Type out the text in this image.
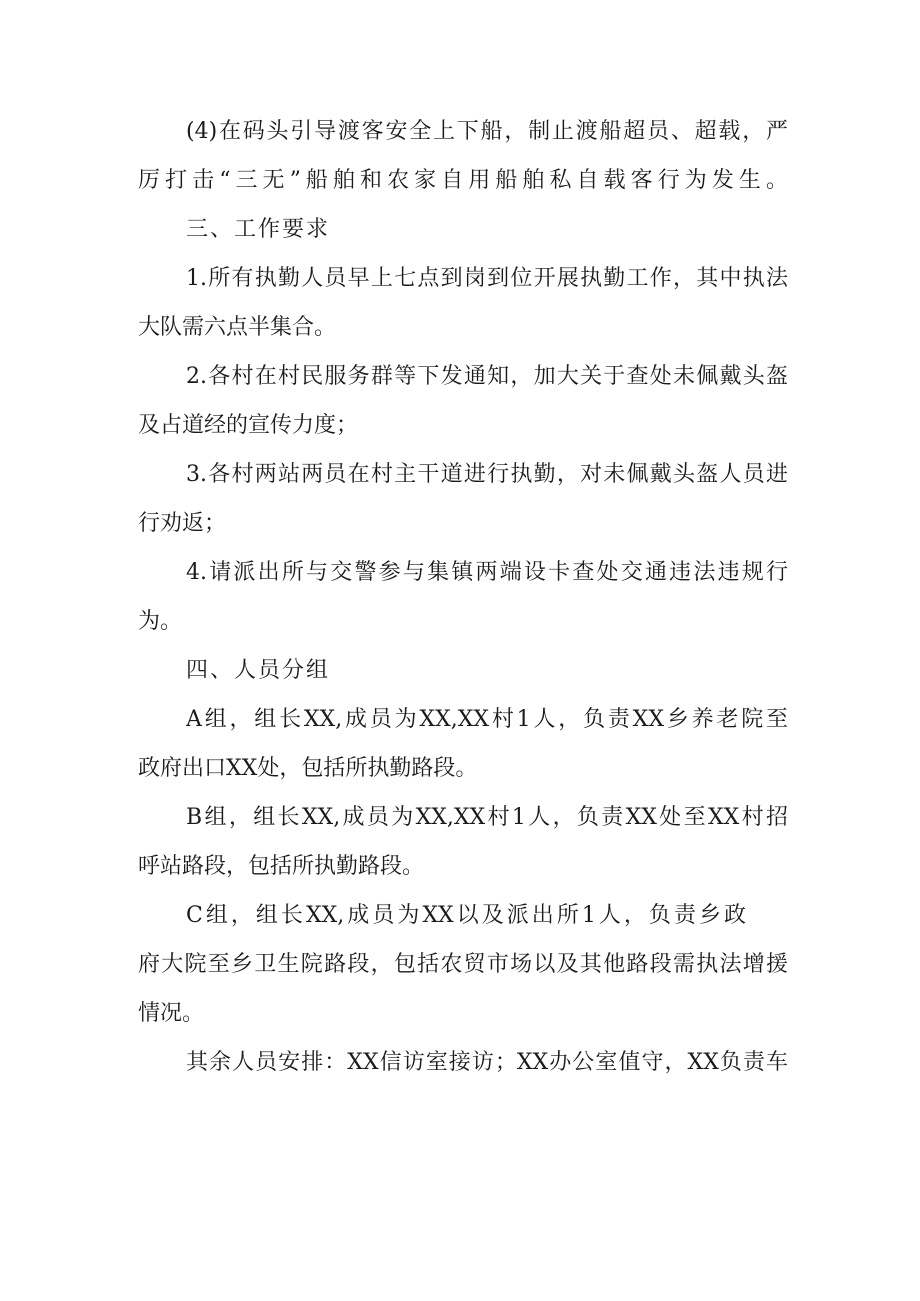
(4)在码头引导渡客安全上下船，制止渡船超员、超载，严
厉打击“三无”船舶和农家自用船舶私自载客行为发生。
三、工作要求
1.所有执勤人员早上七点到岗到位开展执勤工作，其中执法
大队需六点半集合。
2.各村在村民服务群等下发通知，加大关于查处未佩戴头盔
及占道经的宣传力度；
3.各村两站两员在村主干道进行执勤，对未佩戴头盔人员进
行劝返；
4.请派出所与交警参与集镇两端设卡查处交通违法违规行
为。
四、人员分组
A组，组长XX,成员为XX,XX村1人，负责XX乡养老院至
政府出口XX处，包括所执勤路段。
B组，组长XX,成员为XX,XX村1人，负责XX处至XX村招
呼站路段，包括所执勤路段。
C组，组长XX,成员为XX以及派出所1人，负责乡政
府大院至乡卫生院路段，包括农贸市场以及其他路段需执法增援
情况。
其余人员安排：XX信访室接访；XX办公室值守，XX负责车
